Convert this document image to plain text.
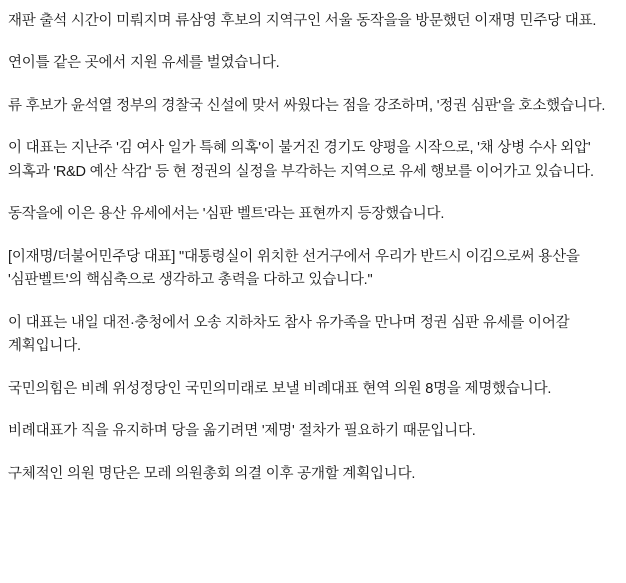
재판 출석 시간이 미뤄지며 류삼영 후보의 지역구인 서울 동작을을 방문했던 이재명 민주당 대표.

연이틀 같은 곳에서 지원 유세를 벌였습니다.

류 후보가 윤석열 정부의 경찰국 신설에 맞서 싸웠다는 점을 강조하며, '정권 심판'을 호소했습니다.

이 대표는 지난주 '김 여사 일가 특혜 의혹'이 불거진 경기도 양평을 시작으로, '채 상병 수사 외압' 의혹과 'R&D 예산 삭감' 등 현 정권의 실정을 부각하는 지역으로 유세 행보를 이어가고 있습니다.

동작을에 이은 용산 유세에서는 '심판 벨트'라는 표현까지 등장했습니다.

[이재명/더불어민주당 대표] "대통령실이 위치한 선거구에서 우리가 반드시 이김으로써 용산을 '심판벨트'의 핵심축으로 생각하고 총력을 다하고 있습니다."

이 대표는 내일 대전·충청에서 오송 지하차도 참사 유가족을 만나며 정권 심판 유세를 이어갈 계획입니다.

국민의힘은 비례 위성정당인 국민의미래로 보낼 비례대표 현역 의원 8명을 제명했습니다.

비례대표가 직을 유지하며 당을 옮기려면 '제명' 절차가 필요하기 때문입니다.

구체적인 의원 명단은 모레 의원총회 의결 이후 공개할 계획입니다.
